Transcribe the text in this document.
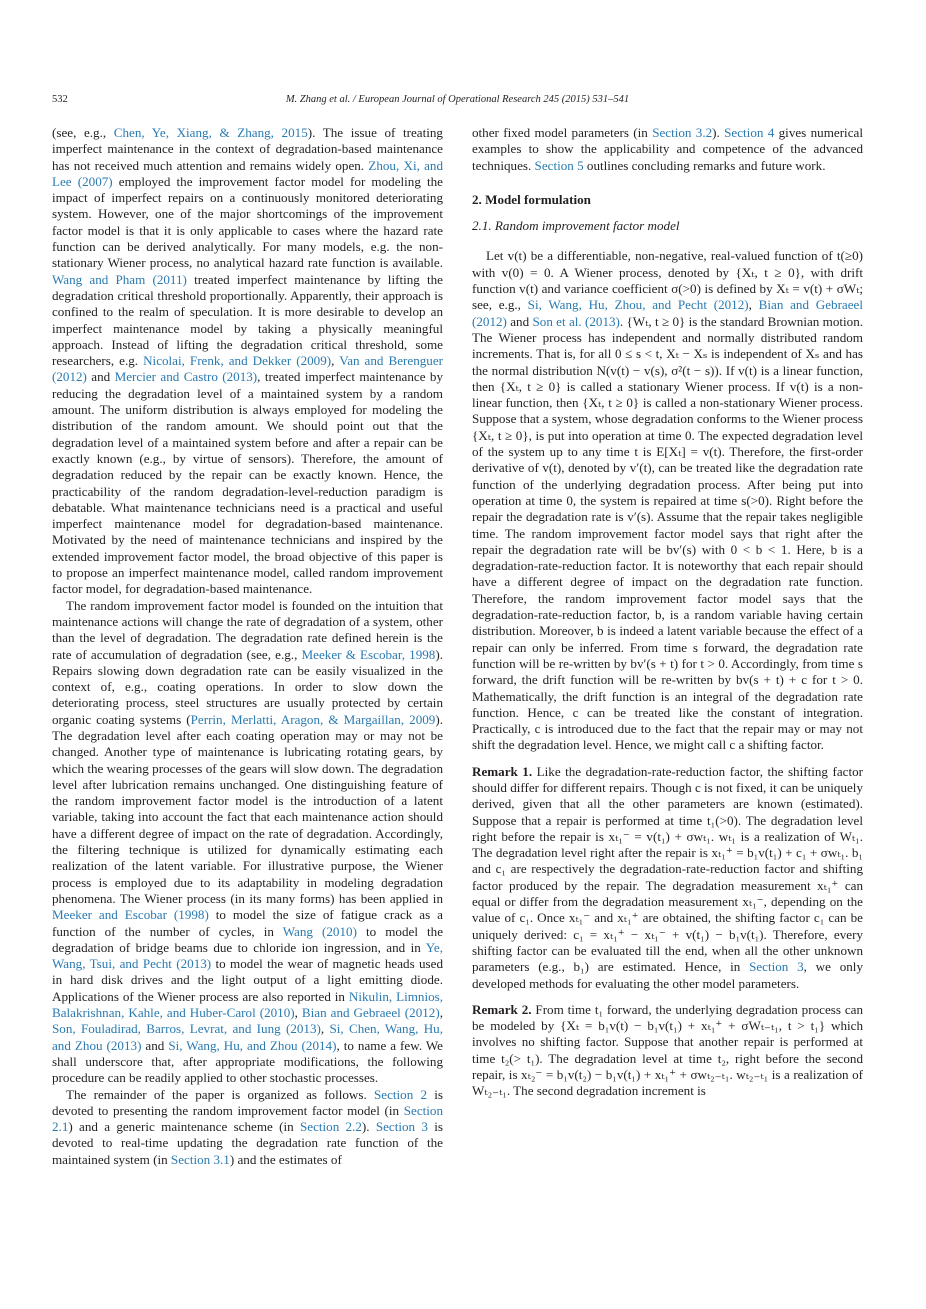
532	M. Zhang et al. / European Journal of Operational Research 245 (2015) 531–541

(see, e.g., Chen, Ye, Xiang, & Zhang, 2015). The issue of treating imperfect maintenance in the context of degradation-based maintenance has not received much attention and remains widely open. Zhou, Xi, and Lee (2007) employed the improvement factor model for modeling the impact of imperfect repairs on a continuously monitored deteriorating system. However, one of the major shortcomings of the improvement factor model is that it is only applicable to cases where the hazard rate function can be derived analytically. For many models, e.g. the non-stationary Wiener process, no analytical hazard rate function is available. Wang and Pham (2011) treated imperfect maintenance by lifting the degradation critical threshold proportionally. Apparently, their approach is confined to the realm of speculation. It is more desirable to develop an imperfect maintenance model by taking a physically meaningful approach. Instead of lifting the degradation critical threshold, some researchers, e.g. Nicolai, Frenk, and Dekker (2009), Van and Berenguer (2012) and Mercier and Castro (2013), treated imperfect maintenance by reducing the degradation level of a maintained system by a random amount. The uniform distribution is always employed for modeling the distribution of the random amount. We should point out that the degradation level of a maintained system before and after a repair can be exactly known (e.g., by virtue of sensors). Therefore, the amount of degradation reduced by the repair can be exactly known. Hence, the practicability of the random degradation-level-reduction paradigm is debatable. What maintenance technicians need is a practical and useful imperfect maintenance model for degradation-based maintenance. Motivated by the need of maintenance technicians and inspired by the extended improvement factor model, the broad objective of this paper is to propose an imperfect maintenance model, called random improvement factor model, for degradation-based maintenance.

The random improvement factor model is founded on the intuition that maintenance actions will change the rate of degradation of a system, other than the level of degradation. The degradation rate defined herein is the rate of accumulation of degradation (see, e.g., Meeker & Escobar, 1998). Repairs slowing down degradation rate can be easily visualized in the context of, e.g., coating operations. In order to slow down the deteriorating process, steel structures are usually protected by certain organic coating systems (Perrin, Merlatti, Aragon, & Margaillan, 2009). The degradation level after each coating operation may or may not be changed. Another type of maintenance is lubricating rotating gears, by which the wearing processes of the gears will slow down. The degradation level after lubrication remains unchanged. One distinguishing feature of the random improvement factor model is the introduction of a latent variable, taking into account the fact that each maintenance action should have a different degree of impact on the rate of degradation. Accordingly, the filtering technique is utilized for dynamically estimating each realization of the latent variable. For illustrative purpose, the Wiener process is employed due to its adaptability in modeling degradation phenomena. The Wiener process (in its many forms) has been applied in Meeker and Escobar (1998) to model the size of fatigue crack as a function of the number of cycles, in Wang (2010) to model the degradation of bridge beams due to chloride ion ingression, and in Ye, Wang, Tsui, and Pecht (2013) to model the wear of magnetic heads used in hard disk drives and the light output of a light emitting diode. Applications of the Wiener process are also reported in Nikulin, Limnios, Balakrishnan, Kahle, and Huber-Carol (2010), Bian and Gebraeel (2012), Son, Fouladirad, Barros, Levrat, and Iung (2013), Si, Chen, Wang, Hu, and Zhou (2013) and Si, Wang, Hu, and Zhou (2014), to name a few. We shall underscore that, after appropriate modifications, the following procedure can be readily applied to other stochastic processes.

The remainder of the paper is organized as follows. Section 2 is devoted to presenting the random improvement factor model (in Section 2.1) and a generic maintenance scheme (in Section 2.2). Section 3 is devoted to real-time updating the degradation rate function of the maintained system (in Section 3.1) and the estimates of

other fixed model parameters (in Section 3.2). Section 4 gives numerical examples to show the applicability and competence of the advanced techniques. Section 5 outlines concluding remarks and future work.

2. Model formulation
2.1. Random improvement factor model

Let v(t) be a differentiable, non-negative, real-valued function of t(≥0) with v(0) = 0. A Wiener process, denoted by {Xₜ, t ≥ 0}, with drift function v(t) and variance coefficient σ(>0) is defined by Xₜ = v(t) + σWₜ; see, e.g., Si, Wang, Hu, Zhou, and Pecht (2012), Bian and Gebraeel (2012) and Son et al. (2013). {Wₜ, t ≥ 0} is the standard Brownian motion. The Wiener process has independent and normally distributed random increments. That is, for all 0 ≤ s < t, Xₜ − Xₛ is independent of Xₛ and has the normal distribution N(v(t) − v(s), σ²(t − s)). If v(t) is a linear function, then {Xₜ, t ≥ 0} is called a stationary Wiener process. If v(t) is a non-linear function, then {Xₜ, t ≥ 0} is called a non-stationary Wiener process. Suppose that a system, whose degradation conforms to the Wiener process {Xₜ, t ≥ 0}, is put into operation at time 0. The expected degradation level of the system up to any time t is E[Xₜ] = v(t). Therefore, the first-order derivative of v(t), denoted by v′(t), can be treated like the degradation rate function of the underlying degradation process. After being put into operation at time 0, the system is repaired at time s(>0). Right before the repair the degradation rate is v′(s). Assume that the repair takes negligible time. The random improvement factor model says that right after the repair the degradation rate will be bv′(s) with 0 < b < 1. Here, b is a degradation-rate-reduction factor. It is noteworthy that each repair should have a different degree of impact on the degradation rate function. Therefore, the random improvement factor model says that the degradation-rate-reduction factor, b, is a random variable having certain distribution. Moreover, b is indeed a latent variable because the effect of a repair can only be inferred. From time s forward, the degradation rate function will be re-written by bv′(s + t) for t > 0. Accordingly, from time s forward, the drift function will be re-written by bv(s + t) + c for t > 0. Mathematically, the drift function is an integral of the degradation rate function. Hence, c can be treated like the constant of integration. Practically, c is introduced due to the fact that the repair may or may not shift the degradation level. Hence, we might call c a shifting factor.

Remark 1. Like the degradation-rate-reduction factor, the shifting factor should differ for different repairs. Though c is not fixed, it can be uniquely derived, given that all the other parameters are known (estimated). Suppose that a repair is performed at time t₁(>0). The degradation level right before the repair is xₜ₁⁻ = v(t₁) + σwₜ₁. wₜ₁ is a realization of Wₜ₁. The degradation level right after the repair is xₜ₁⁺ = b₁v(t₁) + c₁ + σwₜ₁. b₁ and c₁ are respectively the degradation-rate-reduction factor and shifting factor produced by the repair. The degradation measurement xₜ₁⁺ can equal or differ from the degradation measurement xₜ₁⁻, depending on the value of c₁. Once xₜ₁⁻ and xₜ₁⁺ are obtained, the shifting factor c₁ can be uniquely derived: c₁ = xₜ₁⁺ − xₜ₁⁻ + v(t₁) − b₁v(t₁). Therefore, every shifting factor can be evaluated till the end, when all the other unknown parameters (e.g., b₁) are estimated. Hence, in Section 3, we only developed methods for evaluating the other model parameters.

Remark 2. From time t₁ forward, the underlying degradation process can be modeled by {Xₜ = b₁v(t) − b₁v(t₁) + xₜ₁⁺ + σWₜ₋ₜ₁, t > t₁} which involves no shifting factor. Suppose that another repair is performed at time t₂(> t₁). The degradation level at time t₂, right before the second repair, is xₜ₂⁻ = b₁v(t₂) − b₁v(t₁) + xₜ₁⁺ + σwₜ₂₋ₜ₁. wₜ₂₋ₜ₁ is a realization of Wₜ₂₋ₜ₁. The second degradation increment is
